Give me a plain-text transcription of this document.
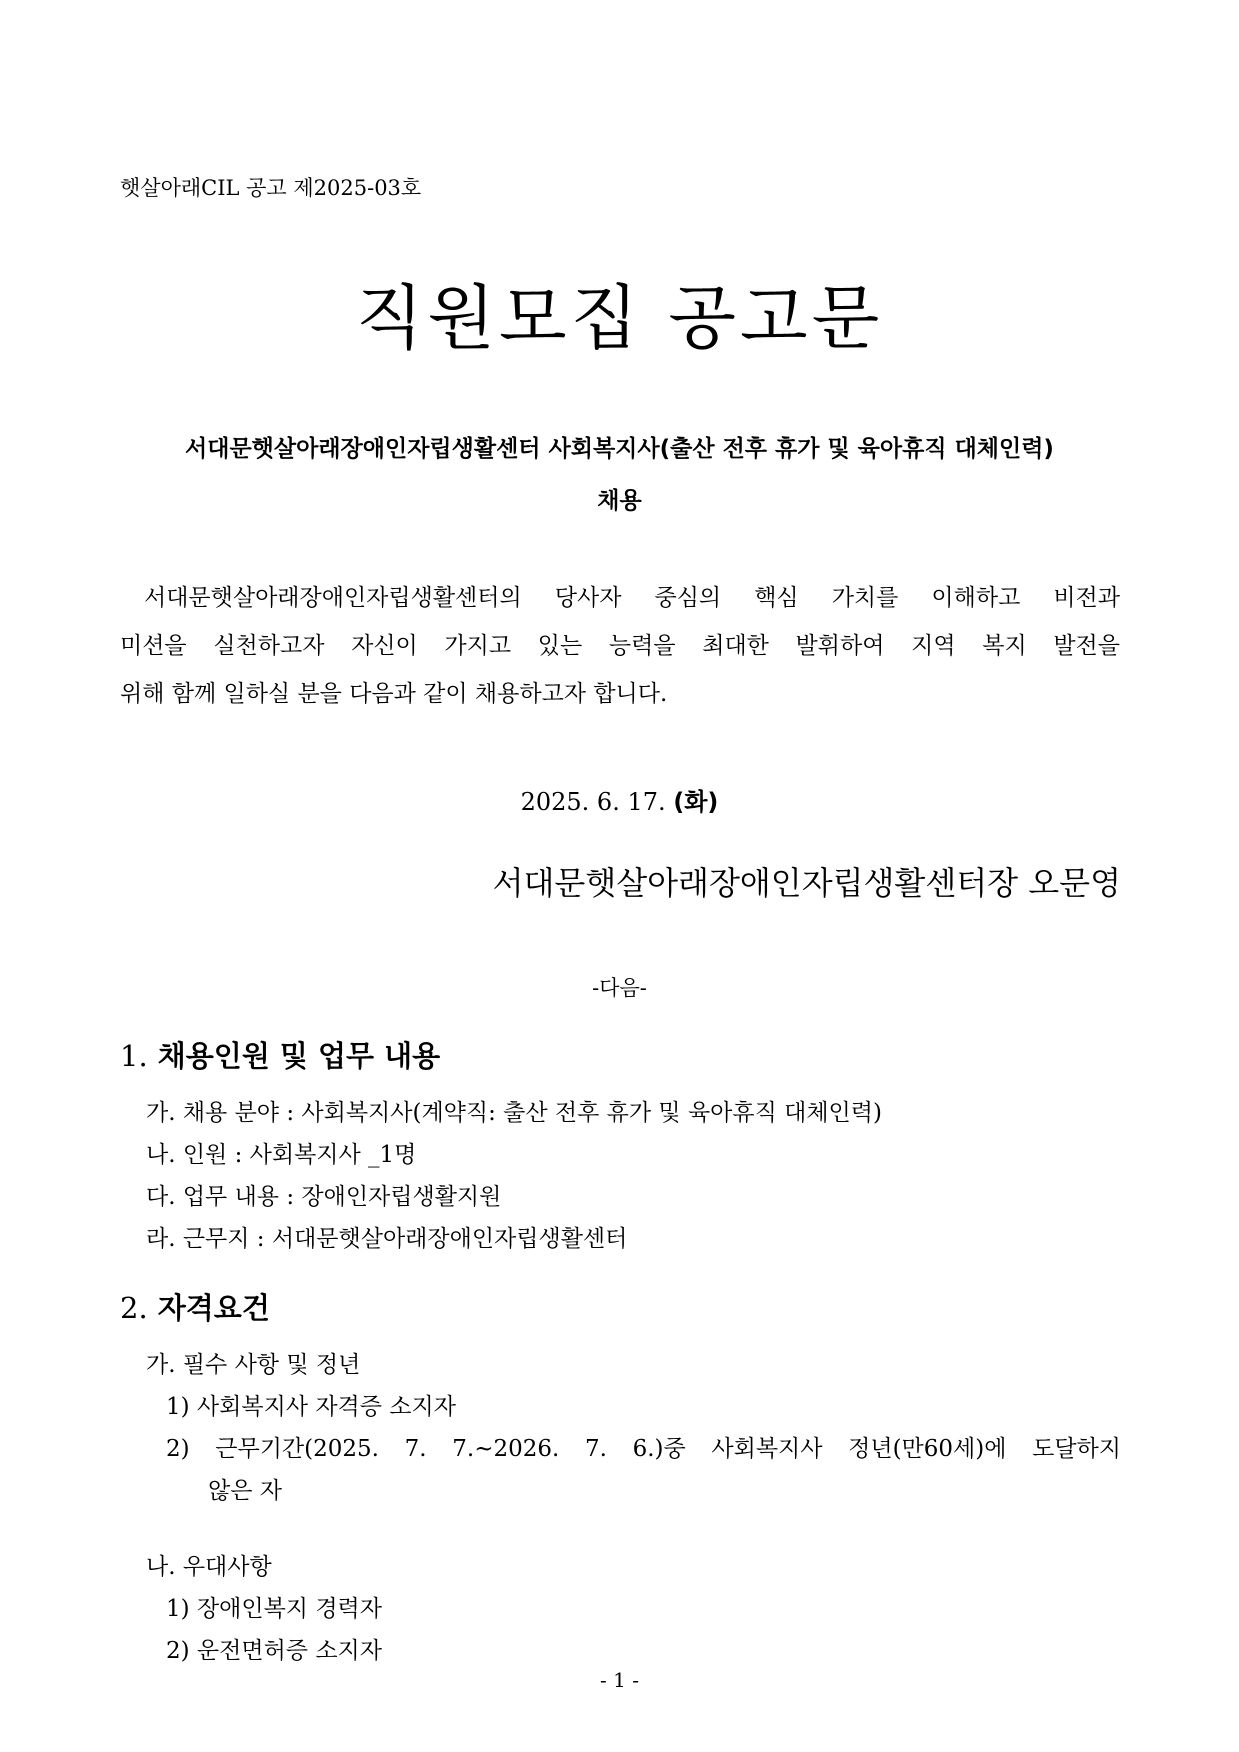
햇살아래CIL 공고 제2025-03호
직원모집 공고문
서대문햇살아래장애인자립생활센터 사회복지사(출산 전후 휴가 및 육아휴직 대체인력)
채용

서대문햇살아래장애인자립생활센터의 당사자 중심의 핵심 가치를 이해하고 비전과

미션을 실천하고자 자신이 가지고 있는 능력을 최대한 발휘하여 지역 복지 발전을

위해 함께 일하실 분을 다음과 같이 채용하고자 합니다.

2025. 6. 17. (화)
서대문햇살아래장애인자립생활센터장 오문영
-다음-
1. 채용인원 및 업무 내용
가. 채용 분야 : 사회복지사(계약직: 출산 전후 휴가 및 육아휴직 대체인력)
나. 인원 : 사회복지사 _1명
다. 업무 내용 : 장애인자립생활지원
라. 근무지 : 서대문햇살아래장애인자립생활센터
2. 자격요건
가. 필수 사항 및 정년
1) 사회복지사 자격증 소지자
2) 근무기간(2025. 7. 7.~2026. 7. 6.)중 사회복지사 정년(만60세)에 도달하지
않은 자
나. 우대사항
1) 장애인복지 경력자
2) 운전면허증 소지자
- 1 -
